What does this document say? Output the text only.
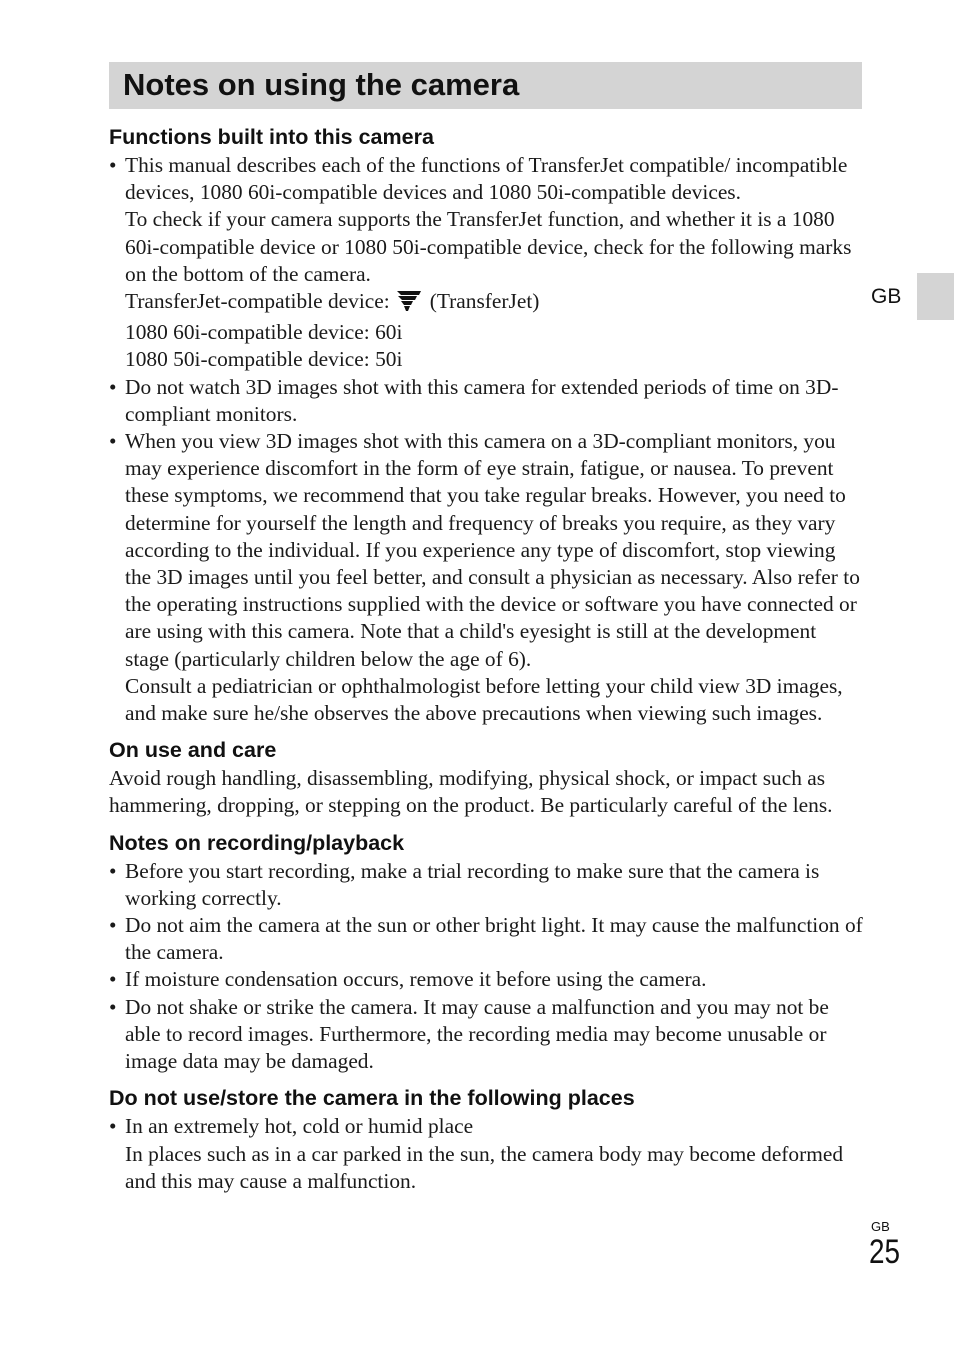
Notes on using the camera
GB
Functions built into this camera

• This manual describes each of the functions of TransferJet compatible/ incompatible devices, 1080 60i-compatible devices and 1080 50i-compatible devices.

To check if your camera supports the TransferJet function, and whether it is a 1080 60i-compatible device or 1080 50i-compatible device, check for the following marks on the bottom of the camera.

TransferJet-compatible device: (TransferJet)

1080 60i-compatible device: 60i

1080 50i-compatible device: 50i

• Do not watch 3D images shot with this camera for extended periods of time on 3D-compliant monitors.

• When you view 3D images shot with this camera on a 3D-compliant monitors, you may experience discomfort in the form of eye strain, fatigue, or nausea. To prevent these symptoms, we recommend that you take regular breaks. However, you need to determine for yourself the length and frequency of breaks you require, as they vary according to the individual. If you experience any type of discomfort, stop viewing the 3D images until you feel better, and consult a physician as necessary. Also refer to the operating instructions supplied with the device or software you have connected or are using with this camera. Note that a child's eyesight is still at the development stage (particularly children below the age of 6).

Consult a pediatrician or ophthalmologist before letting your child view 3D images, and make sure he/she observes the above precautions when viewing such images.

On use and care

Avoid rough handling, disassembling, modifying, physical shock, or impact such as hammering, dropping, or stepping on the product. Be particularly careful of the lens.

Notes on recording/playback
• Before you start recording, make a trial recording to make sure that the camera is working correctly.
• Do not aim the camera at the sun or other bright light. It may cause the malfunction of the camera.
• If moisture condensation occurs, remove it before using the camera.
• Do not shake or strike the camera. It may cause a malfunction and you may not be able to record images. Furthermore, the recording media may become unusable or image data may be damaged.
Do not use/store the camera in the following places

• In an extremely hot, cold or humid place

In places such as in a car parked in the sun, the camera body may become deformed and this may cause a malfunction.

GB
25
